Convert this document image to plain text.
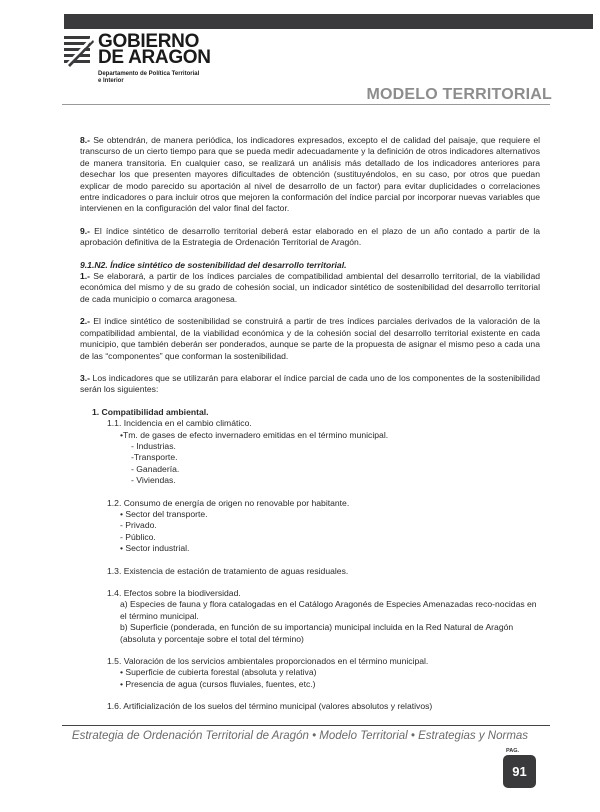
GOBIERNO
DE ARAGON
Departamento de Política Territorial
e Interior
MODELO TERRITORIAL

8.- Se obtendrán, de manera periódica, los indicadores expresados, excepto el de calidad del paisaje, que requiere el transcurso de un cierto tiempo para que se pueda medir adecuadamente y la definición de otros indicadores alternativos de manera transitoria. En cualquier caso, se realizará un análisis más detallado de los indicadores anteriores para desechar los que presenten mayores dificultades de obtención (sustituyéndolos, en su caso, por otros que puedan explicar de modo parecido su aportación al nivel de desarrollo de un factor) para evitar duplicidades o correlaciones entre indicadores o para incluir otros que mejoren la conformación del índice parcial por incorporar nuevas variables que intervienen en la configuración del valor final del factor.

9.- El índice sintético de desarrollo territorial deberá estar elaborado en el plazo de un año contado a partir de la aprobación definitiva de la Estrategia de Ordenación Territorial de Aragón.

9.1.N2. Índice sintético de sostenibilidad del desarrollo territorial.
1.- Se elaborará, a partir de los índices parciales de compatibilidad ambiental del desarrollo territorial, de la viabilidad económica del mismo y de su grado de cohesión social, un indicador sintético de sostenibilidad del desarrollo territorial de cada municipio o comarca aragonesa.

2.- El índice sintético de sostenibilidad se construirá a partir de tres índices parciales derivados de la valoración de la compatibilidad ambiental, de la viabilidad económica y de la cohesión social del desarrollo territorial existente en cada municipio, que también deberán ser ponderados, aunque se parte de la propuesta de asignar el mismo peso a cada una de las “componentes” que conforman la sostenibilidad.

3.- Los indicadores que se utilizarán para elaborar el índice parcial de cada uno de los componentes de la sostenibilidad serán los siguientes:

1. Compatibilidad ambiental.
1.1. Incidencia en el cambio climático.
•Tm. de gases de efecto invernadero emitidas en el término municipal.
- Industrias.
-Transporte.
- Ganadería.
- Viviendas.
1.2. Consumo de energía de origen no renovable por habitante.
• Sector del transporte.
- Privado.
- Público.
• Sector industrial.
1.3. Existencia de estación de tratamiento de aguas residuales.
1.4. Efectos sobre la biodiversidad.
a) Especies de fauna y flora catalogadas en el Catálogo Aragonés de Especies Amenazadas reco-nocidas en el término municipal.
b) Superficie (ponderada, en función de su importancia) municipal incluida en la Red Natural de Aragón (absoluta y porcentaje sobre el total del término)
1.5. Valoración de los servicios ambientales proporcionados en el término municipal.
• Superficie de cubierta forestal (absoluta y relativa)
• Presencia de agua (cursos fluviales, fuentes, etc.)
1.6. Artificialización de los suelos del término municipal (valores absolutos y relativos)
Estrategia de Ordenación Territorial de Aragón • Modelo Territorial • Estrategias y Normas
PAG.
91
